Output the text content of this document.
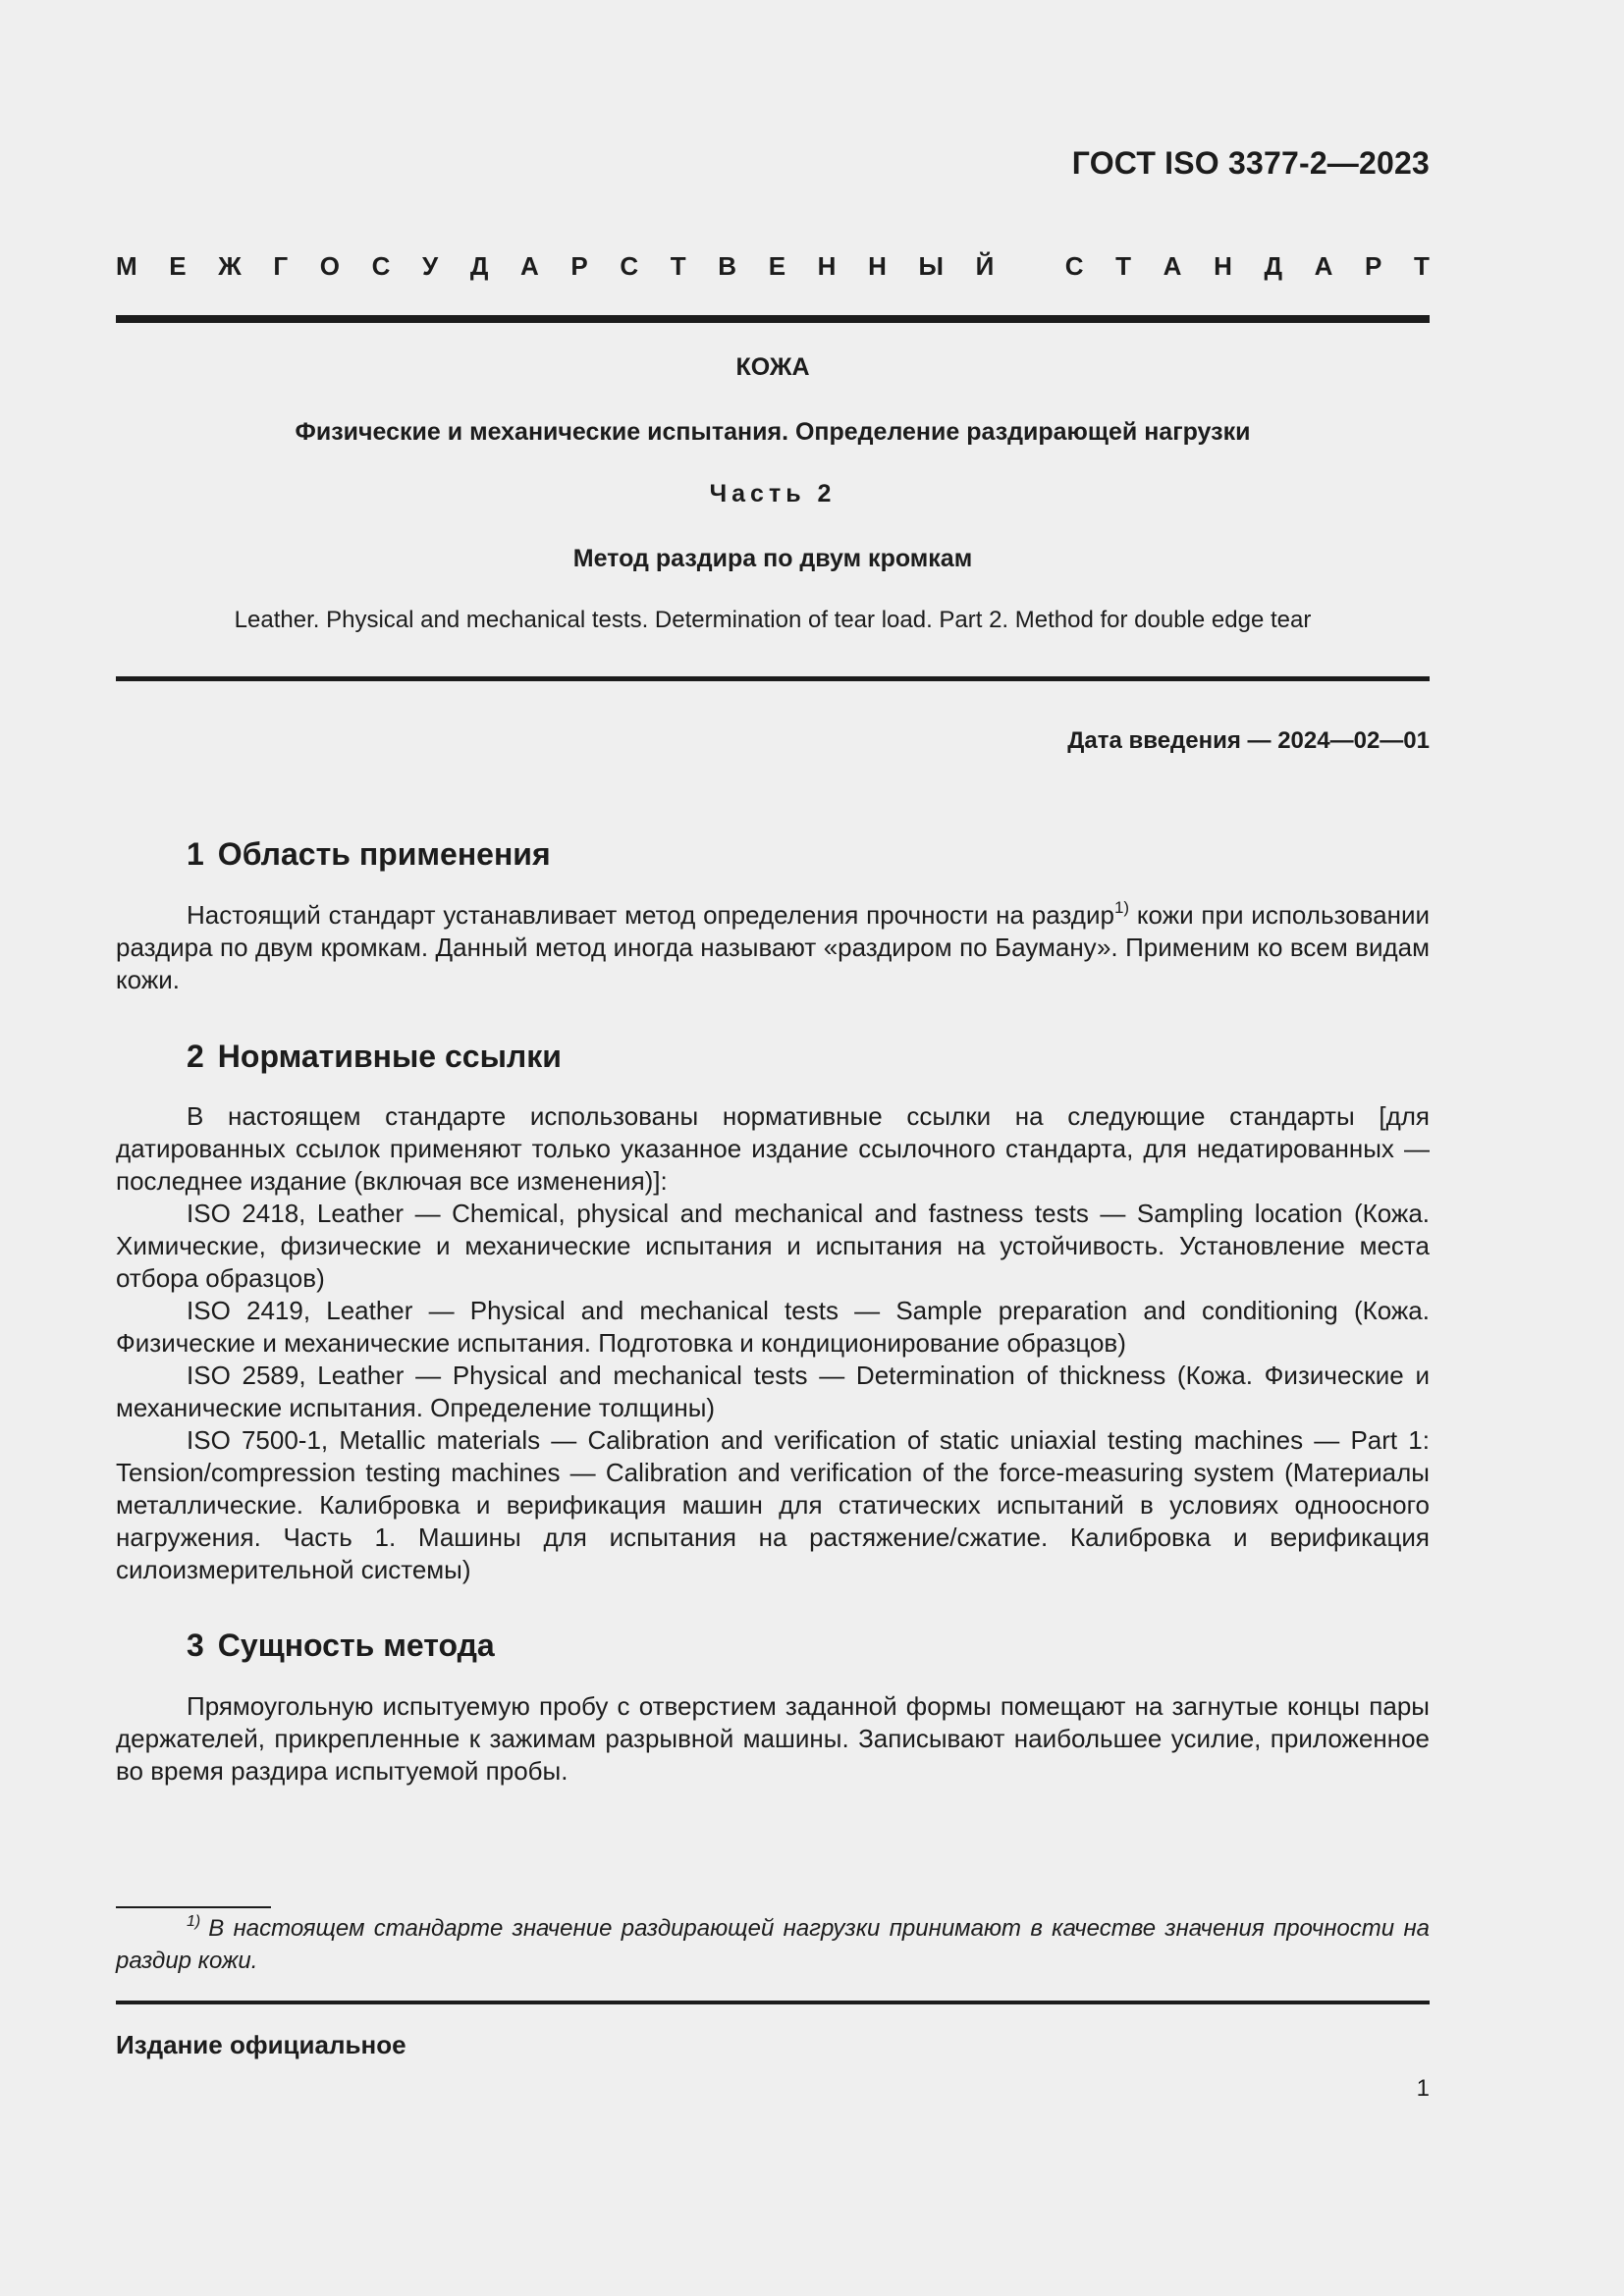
ГОСТ ISO 3377-2—2023
М Е Ж Г О С У Д А Р С Т В Е Н Н Ы Й
	С Т А Н Д А Р Т
КОЖА
Физические и механические испытания. Определение раздирающей нагрузки
Часть 2
Метод раздира по двум кромкам
Leather. Physical and mechanical tests. Determination of tear load. Part 2. Method for double edge tear
Дата введения — 2024—02—01
1 Область применения

Настоящий стандарт устанавливает метод определения прочности на раздир$^{1)}$ кожи при использовании раздира по двум кромкам. Данный метод иногда называют «раздиром по Бауману». Применим ко всем видам кожи.

2 Нормативные ссылки

В настоящем стандарте использованы нормативные ссылки на следующие стандарты [для датированных ссылок применяют только указанное издание ссылочного стандарта, для недатированных — последнее издание (включая все изменения)]:

ISO 2418, Leather — Chemical, physical and mechanical and fastness tests — Sampling location (Кожа. Химические, физические и механические испытания и испытания на устойчивость. Установление места отбора образцов)

ISO 2419, Leather — Physical and mechanical tests — Sample preparation and conditioning (Кожа. Физические и механические испытания. Подготовка и кондиционирование образцов)

ISO 2589, Leather — Physical and mechanical tests — Determination of thickness (Кожа. Физические и механические испытания. Определение толщины)

ISO 7500-1, Metallic materials — Calibration and verification of static uniaxial testing machines — Part 1: Tension/compression testing machines — Calibration and verification of the force-measuring system (Материалы металлические. Калибровка и верификация машин для статических испытаний в условиях одноосного нагружения. Часть 1. Машины для испытания на растяжение/сжатие. Калибровка и верификация силоизмерительной системы)

3 Сущность метода

Прямоугольную испытуемую пробу с отверстием заданной формы помещают на загнутые концы пары держателей, прикрепленные к зажимам разрывной машины. Записывают наибольшее усилие, приложенное во время раздира испытуемой пробы.

$^{1)}$ В настоящем стандарте значение раздирающей нагрузки принимают в качестве значения прочности на раздир кожи.
Издание официальное
1
